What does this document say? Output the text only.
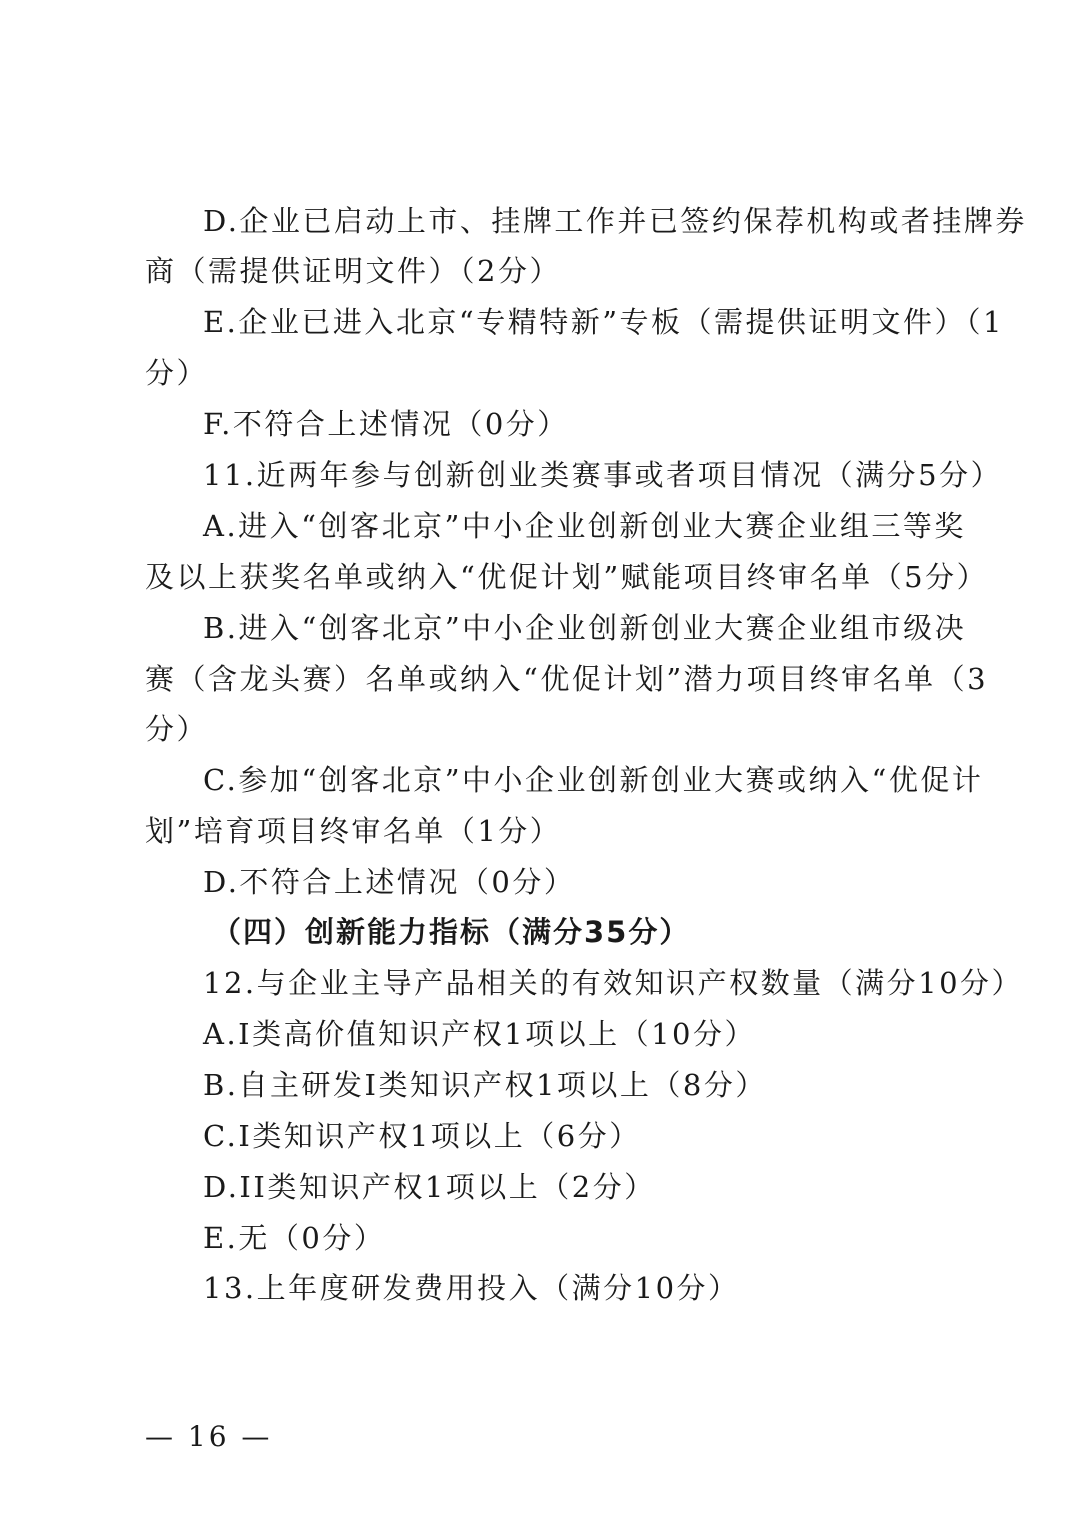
D.企业已启动上市、挂牌工作并已签约保荐机构或者挂牌券
商（需提供证明文件）（2分）
E.企业已进入北京“专精特新”专板（需提供证明文件）（1
分）
F.不符合上述情况（0分）
11.近两年参与创新创业类赛事或者项目情况（满分5分）
A.进入“创客北京”中小企业创新创业大赛企业组三等奖
及以上获奖名单或纳入“优促计划”赋能项目终审名单（5分）
B.进入“创客北京”中小企业创新创业大赛企业组市级决
赛（含龙头赛）名单或纳入“优促计划”潜力项目终审名单（3
分）
C.参加“创客北京”中小企业创新创业大赛或纳入“优促计
划”培育项目终审名单（1分）
D.不符合上述情况（0分）
（四）创新能力指标（满分35分）
12.与企业主导产品相关的有效知识产权数量（满分10分）
A.I类高价值知识产权1项以上（10分）
B.自主研发I类知识产权1项以上（8分）
C.I类知识产权1项以上（6分）
D.II类知识产权1项以上（2分）
E.无（0分）
13.上年度研发费用投入（满分10分）
— 16 —
